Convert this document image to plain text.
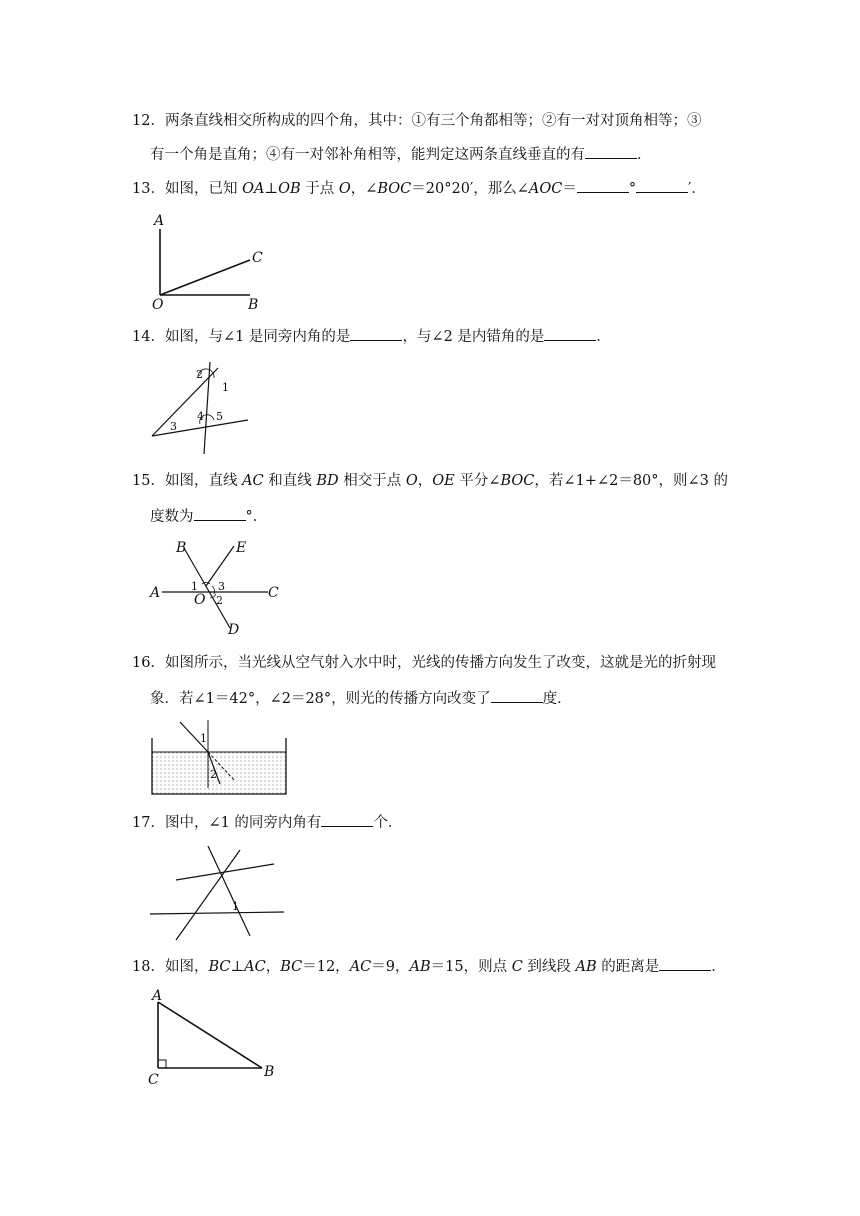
12．两条直线相交所构成的四个角，其中：①有三个角都相等；②有一对对顶角相等；③
有一个角是直角；④有一对邻补角相等，能判定这两条直线垂直的有	．
13．如图，已知 OA⊥OB 于点 O，∠BOC＝20°20′，那么∠AOC＝	°	′．
A
C
O	B
14．如图，与∠1 是同旁内角的是	，与∠2 是内错角的是	．
2
1
3
4 5
15．如图，直线 AC 和直线 BD 相交于点 O，OE 平分∠BOC，若∠1+∠2＝80°，则∠3 的
度数为	°．
B	E
A	C
O
D
1 3
2
16．如图所示，当光线从空气射入水中时，光线的传播方向发生了改变，这就是光的折射现
象．若∠1＝42°，∠2＝28°，则光的传播方向改变了	度．
1
2
17．图中，∠1 的同旁内角有	个．
1
18．如图，BC⊥AC，BC＝12，AC＝9，AB＝15，则点 C 到线段 AB 的距离是	．
A
C	B
